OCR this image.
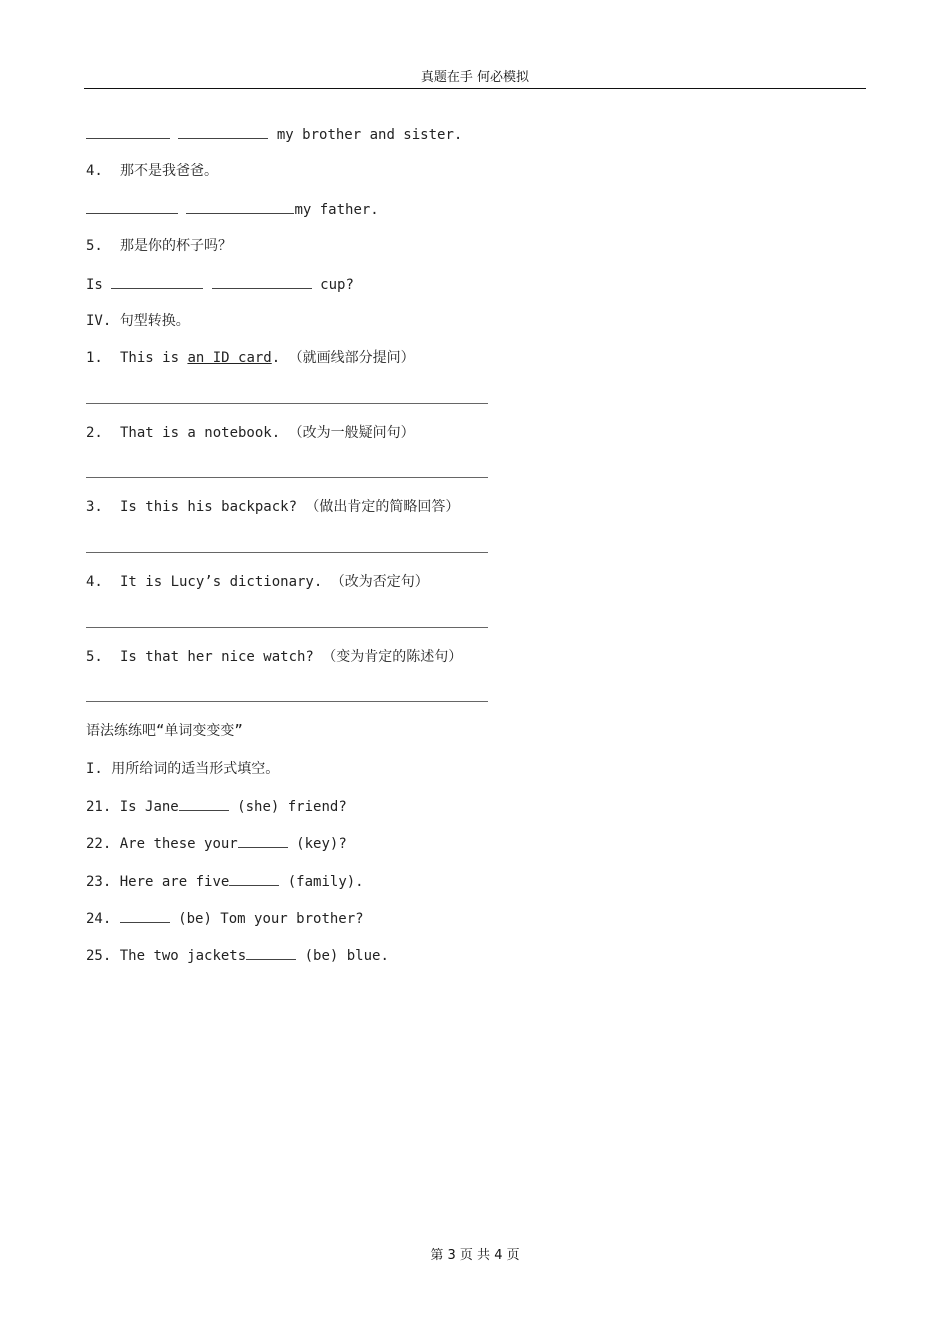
真题在手 何必模拟
my brother and sister.
4. 那不是我爸爸。
my father.
5. 那是你的杯子吗？
Is	cup?
IV. 句型转换。
1. This is an ID card. （就画线部分提问）
2. That is a notebook. （改为一般疑问句）
3. Is this his backpack? （做出肯定的简略回答）
4. It is Lucy’s dictionary. （改为否定句）
5. Is that her nice watch? （变为肯定的陈述句）
语法练练吧“单词变变变”
I. 用所给词的适当形式填空。
21. Is Jane	(she) friend?
22. Are these your	(key)?
23. Here are five	(family).
24.	(be) Tom your brother?
25. The two jackets	(be) blue.
第 3 页 共 4 页
